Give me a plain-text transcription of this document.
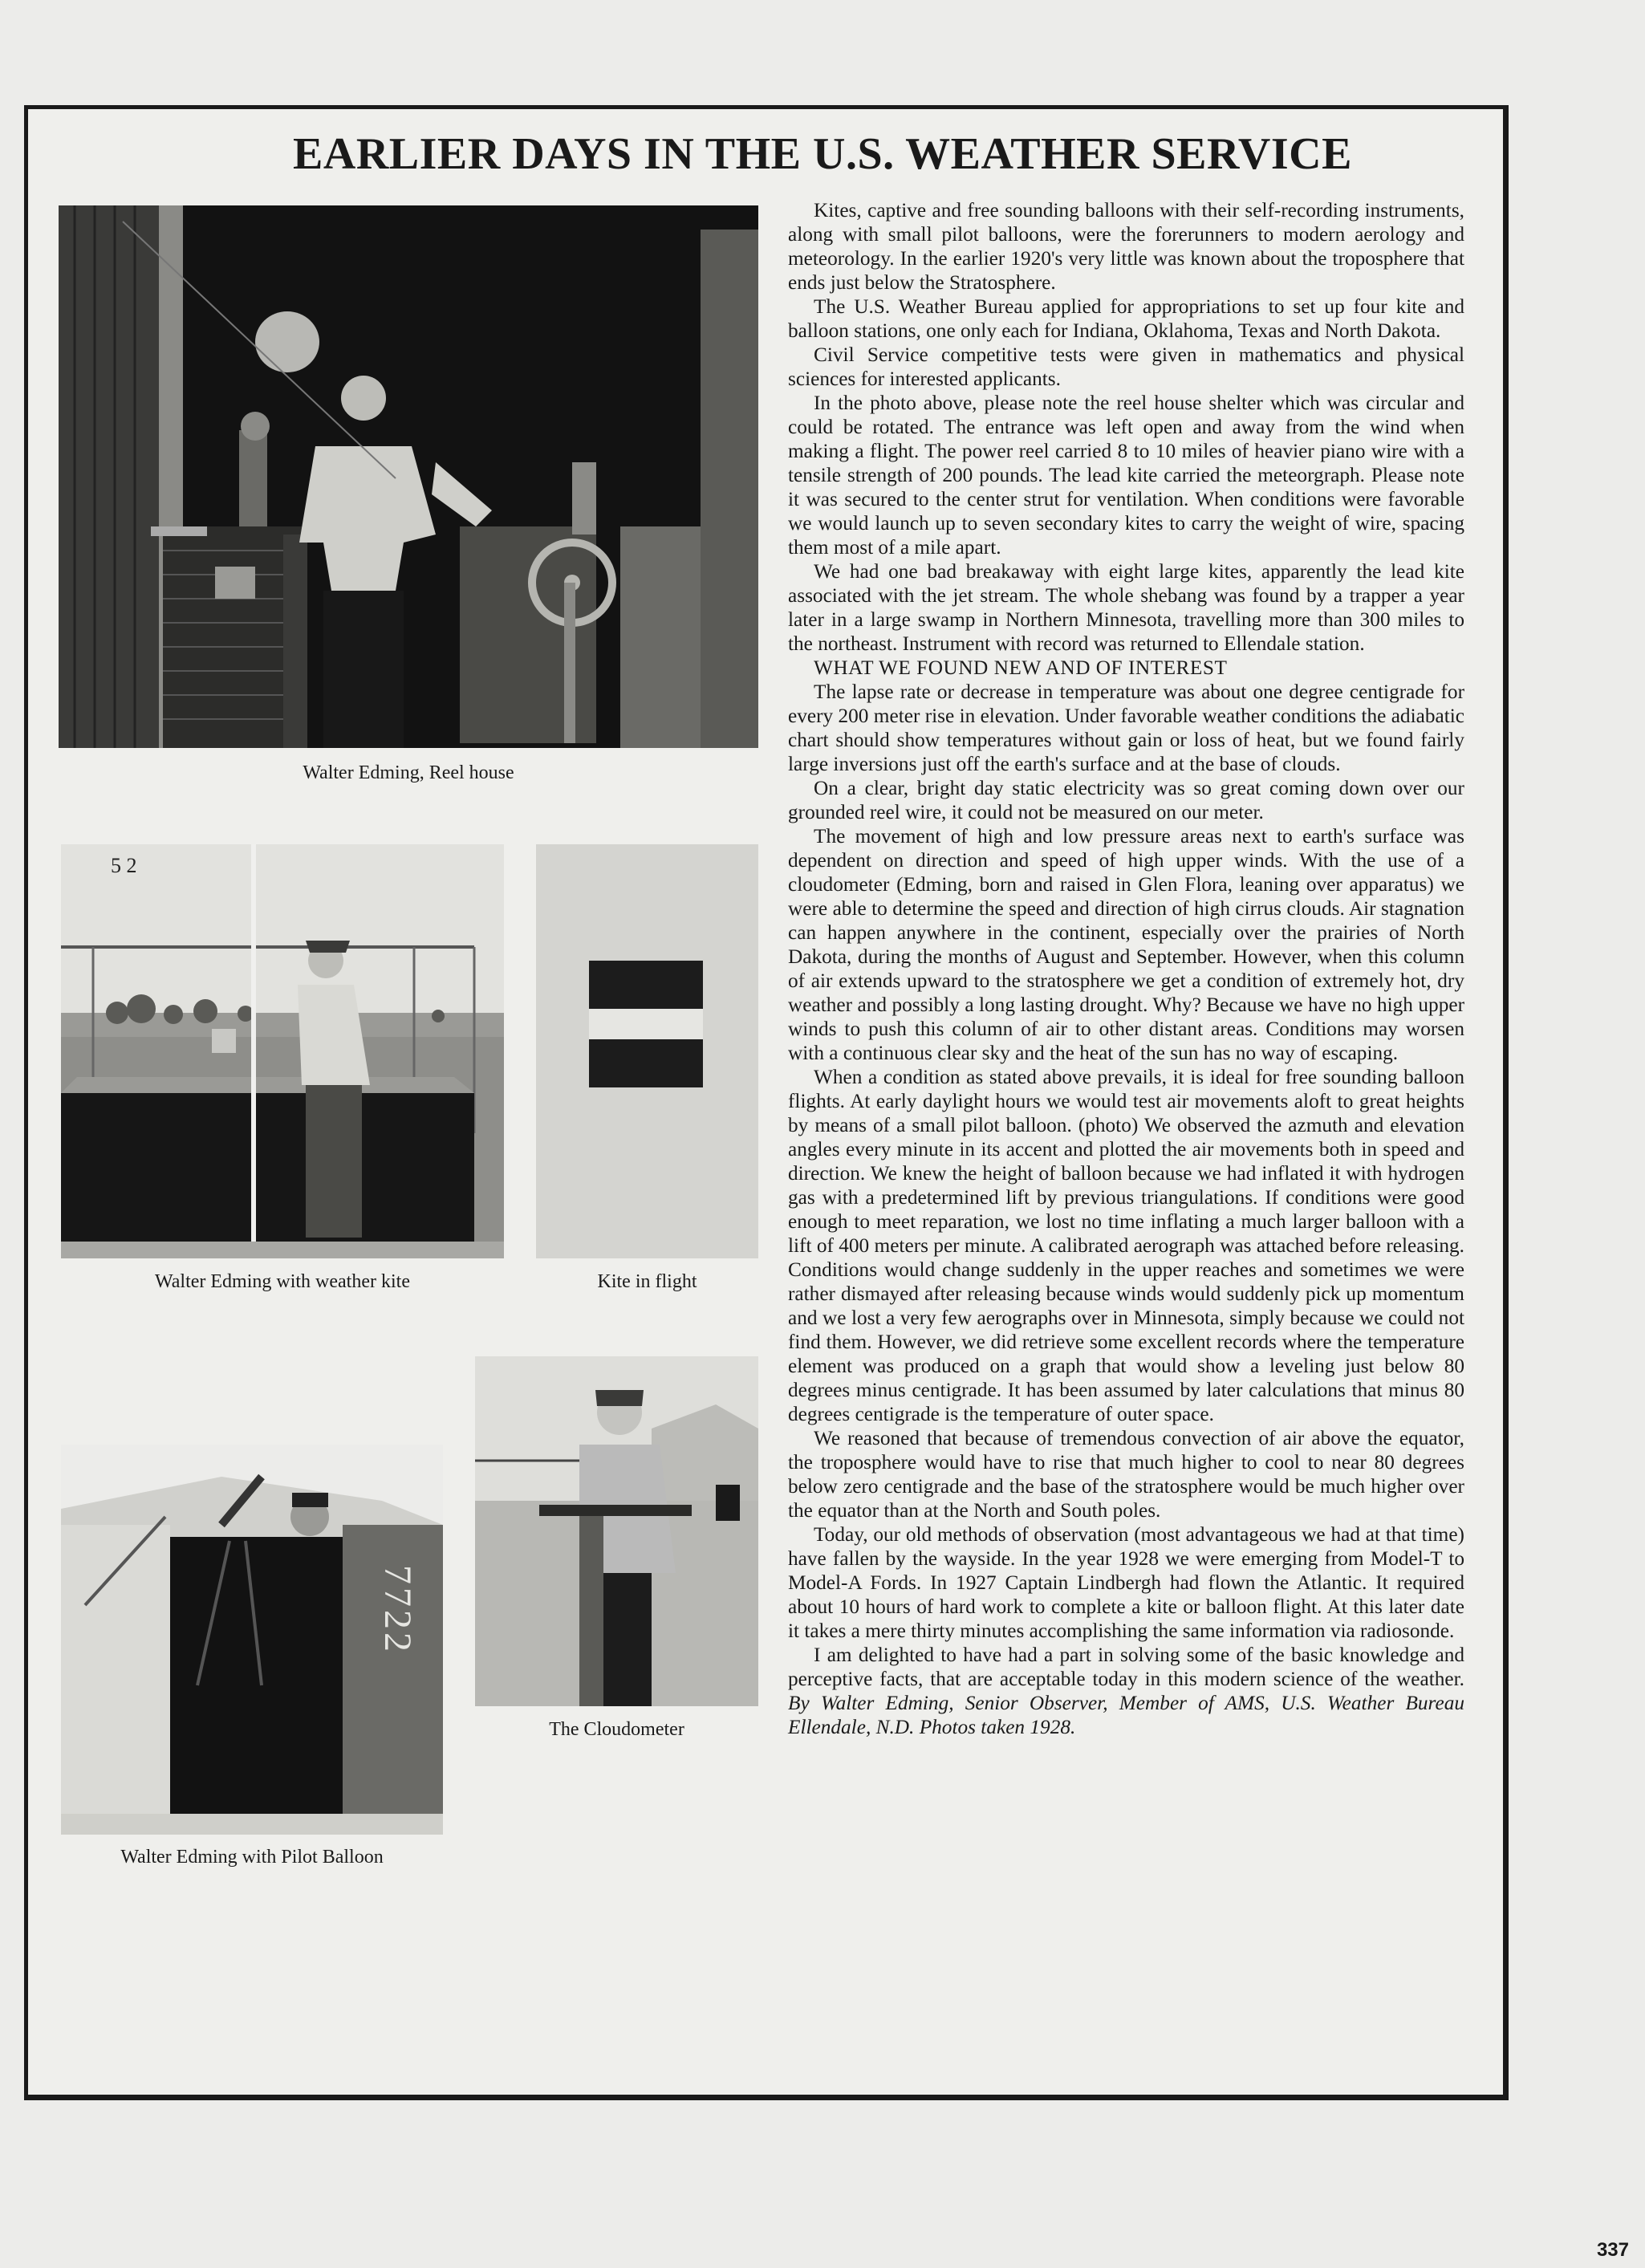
EARLIER DAYS IN THE U.S. WEATHER SERVICE
Walter Edming, Reel house
5 2
Walter Edming with weather kite	Kite in flight
7722
Walter Edming with Pilot Balloon
The Cloudometer

Kites, captive and free sounding balloons with their self-recording instruments, along with small pilot balloons, were the forerunners to modern aerology and meteorology. In the earlier 1920's very little was known about the troposphere that ends just below the Stratosphere.

The U.S. Weather Bureau applied for appropriations to set up four kite and balloon stations, one only each for Indiana, Oklahoma, Texas and North Dakota.

Civil Service competitive tests were given in mathematics and physical sciences for interested applicants.

In the photo above, please note the reel house shelter which was circular and could be rotated. The entrance was left open and away from the wind when making a flight. The power reel carried 8 to 10 miles of heavier piano wire with a tensile strength of 200 pounds. The lead kite carried the meteorgraph. Please note it was secured to the center strut for ventilation. When conditions were favorable we would launch up to seven secondary kites to carry the weight of wire, spacing them most of a mile apart.

We had one bad breakaway with eight large kites, apparently the lead kite associated with the jet stream. The whole shebang was found by a trapper a year later in a large swamp in Northern Minnesota, travelling more than 300 miles to the northeast. Instrument with record was returned to Ellendale station.

WHAT WE FOUND NEW AND OF INTEREST

The lapse rate or decrease in temperature was about one degree centigrade for every 200 meter rise in elevation. Under favorable weather conditions the adiabatic chart should show temperatures without gain or loss of heat, but we found fairly large inversions just off the earth's surface and at the base of clouds.

On a clear, bright day static electricity was so great coming down over our grounded reel wire, it could not be measured on our meter.

The movement of high and low pressure areas next to earth's surface was dependent on direction and speed of high upper winds. With the use of a cloudometer (Edming, born and raised in Glen Flora, leaning over apparatus) we were able to determine the speed and direction of high cirrus clouds. Air stagnation can happen anywhere in the continent, especially over the prairies of North Dakota, during the months of August and September. However, when this column of air extends upward to the stratosphere we get a condition of extremely hot, dry weather and possibly a long lasting drought. Why? Because we have no high upper winds to push this column of air to other distant areas. Conditions may worsen with a continuous clear sky and the heat of the sun has no way of escaping.

When a condition as stated above prevails, it is ideal for free sounding balloon flights. At early daylight hours we would test air movements aloft to great heights by means of a small pilot balloon. (photo) We observed the azmuth and elevation angles every minute in its accent and plotted the air movements both in speed and direction. We knew the height of balloon because we had inflated it with hydrogen gas with a predetermined lift by previous triangulations. If conditions were good enough to meet reparation, we lost no time inflating a much larger balloon with a lift of 400 meters per minute. A calibrated aerograph was attached before releasing. Conditions would change suddenly in the upper reaches and sometimes we were rather dismayed after releasing because winds would suddenly pick up momentum and we lost a very few aerographs over in Minnesota, simply because we could not find them. However, we did retrieve some excellent records where the temperature element was produced on a graph that would show a leveling just below 80 degrees minus centigrade. It has been assumed by later calculations that minus 80 degrees centigrade is the temperature of outer space.

We reasoned that because of tremendous convection of air above the equator, the troposphere would have to rise that much higher to cool to near 80 degrees below zero centigrade and the base of the stratosphere would be much higher over the equator than at the North and South poles.

Today, our old methods of observation (most advantageous we had at that time) have fallen by the wayside. In the year 1928 we were emerging from Model-T to Model-A Fords. In 1927 Captain Lindbergh had flown the Atlantic. It required about 10 hours of hard work to complete a kite or balloon flight. At this later date it takes a mere thirty minutes accomplishing the same information via radiosonde.

I am delighted to have had a part in solving some of the basic knowledge and perceptive facts, that are acceptable today in this modern science of the weather. By Walter Edming, Senior Observer, Member of AMS, U.S. Weather Bureau Ellendale, N.D. Photos taken 1928.

337
